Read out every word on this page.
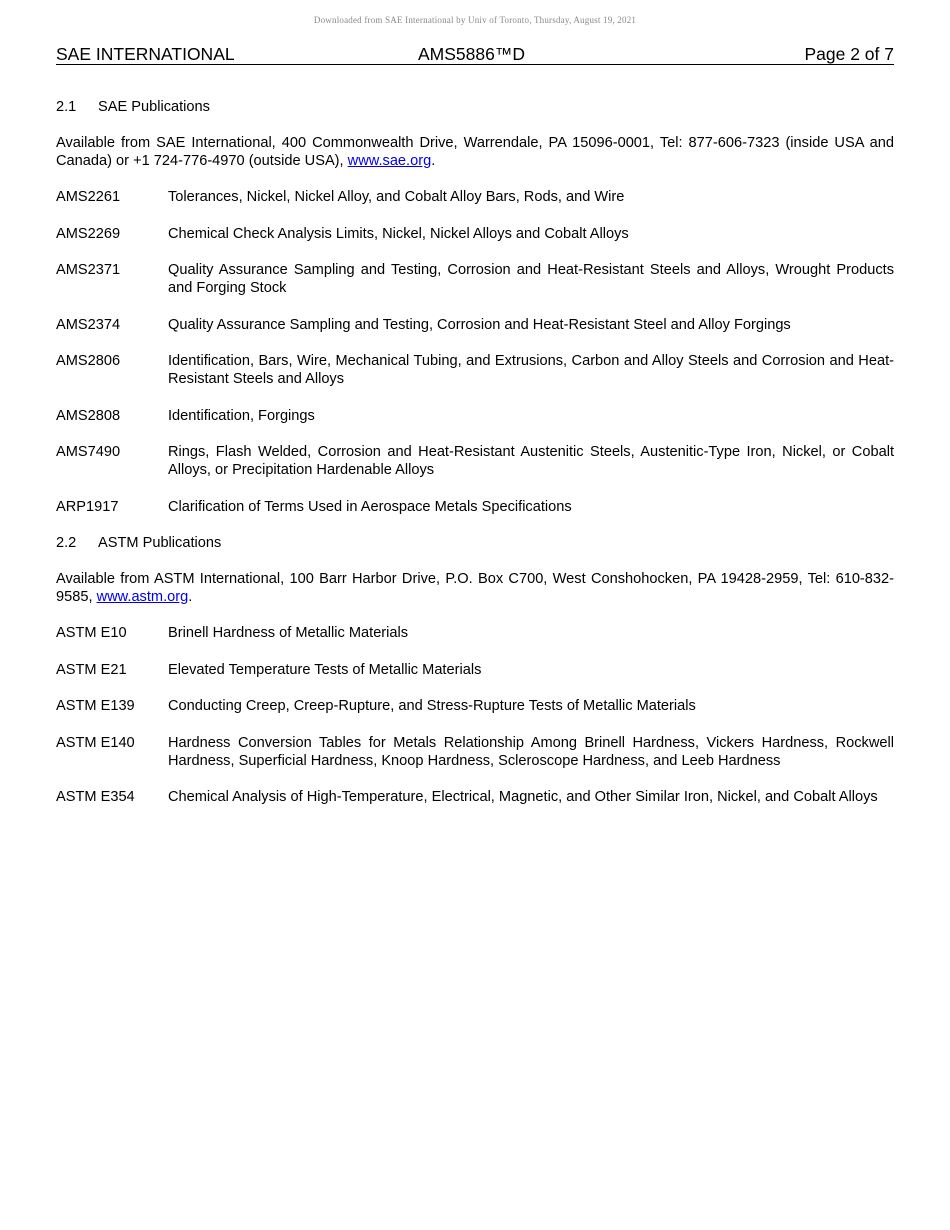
Downloaded from SAE International by Univ of Toronto, Thursday, August 19, 2021
SAE INTERNATIONAL	AMS5886™D	Page 2 of 7
2.1 SAE Publications
Available from SAE International, 400 Commonwealth Drive, Warrendale, PA 15096-0001, Tel: 877-606-7323 (inside USA and Canada) or +1 724-776-4970 (outside USA), www.sae.org.
AMS2261	Tolerances, Nickel, Nickel Alloy, and Cobalt Alloy Bars, Rods, and Wire
AMS2269	Chemical Check Analysis Limits, Nickel, Nickel Alloys and Cobalt Alloys
AMS2371	Quality Assurance Sampling and Testing, Corrosion and Heat-Resistant Steels and Alloys, Wrought Products and Forging Stock
AMS2374	Quality Assurance Sampling and Testing, Corrosion and Heat-Resistant Steel and Alloy Forgings
AMS2806	Identification, Bars, Wire, Mechanical Tubing, and Extrusions, Carbon and Alloy Steels and Corrosion and Heat-Resistant Steels and Alloys
AMS2808	Identification, Forgings
AMS7490	Rings, Flash Welded, Corrosion and Heat-Resistant Austenitic Steels, Austenitic-Type Iron, Nickel, or Cobalt Alloys, or Precipitation Hardenable Alloys
ARP1917	Clarification of Terms Used in Aerospace Metals Specifications
2.2 ASTM Publications
Available from ASTM International, 100 Barr Harbor Drive, P.O. Box C700, West Conshohocken, PA 19428-2959, Tel: 610-832-9585, www.astm.org.
ASTM E10	Brinell Hardness of Metallic Materials
ASTM E21	Elevated Temperature Tests of Metallic Materials
ASTM E139	Conducting Creep, Creep-Rupture, and Stress-Rupture Tests of Metallic Materials
ASTM E140	Hardness Conversion Tables for Metals Relationship Among Brinell Hardness, Vickers Hardness, Rockwell Hardness, Superficial Hardness, Knoop Hardness, Scleroscope Hardness, and Leeb Hardness
ASTM E354	Chemical Analysis of High-Temperature, Electrical, Magnetic, and Other Similar Iron, Nickel, and Cobalt Alloys
